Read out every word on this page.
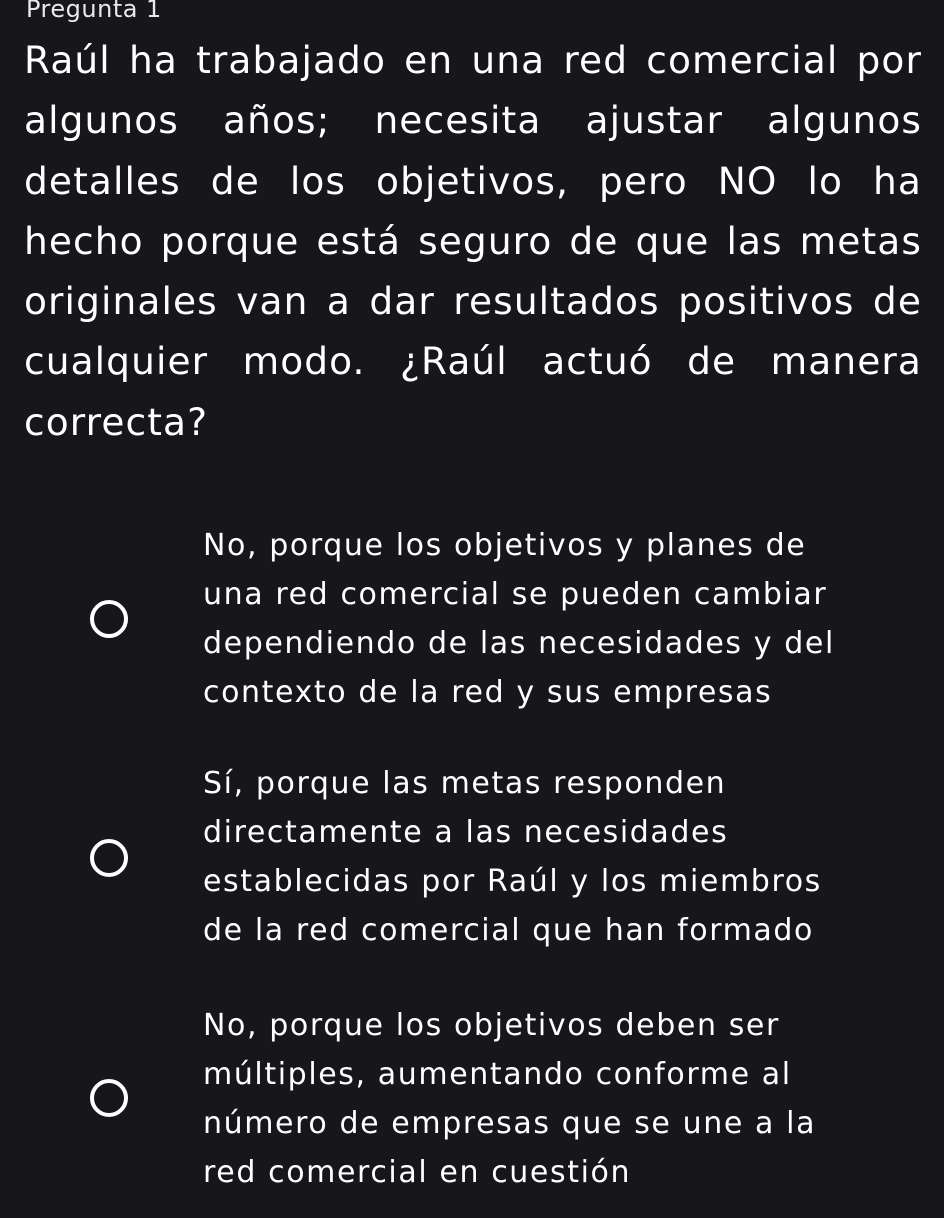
Pregunta 1

Raúl ha trabajado en una red comercial por algunos años; necesita ajustar algunos detalles de los objetivos, pero NO lo ha hecho porque está seguro de que las metas originales van a dar resultados positivos de cualquier modo. ¿Raúl actuó de manera correcta?

No, porque los objetivos y planes de una red comercial se pueden cambiar dependiendo de las necesidades y del contexto de la red y sus empresas

Sí, porque las metas responden directamente a las necesidades establecidas por Raúl y los miembros de la red comercial que han formado

No, porque los objetivos deben ser múltiples, aumentando conforme al número de empresas que se une a la red comercial en cuestión
